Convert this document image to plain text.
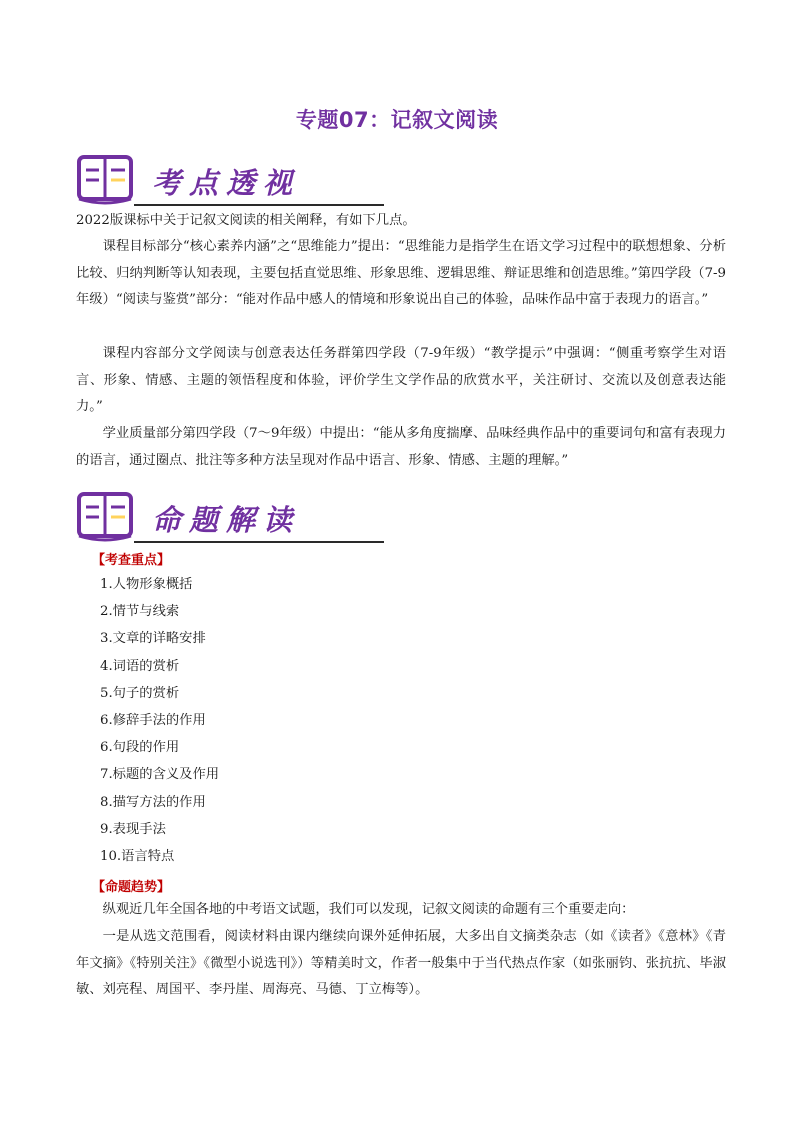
专题07：记叙文阅读
考点透视

2022版课标中关于记叙文阅读的相关阐释，有如下几点。

课程目标部分“核心素养内涵”之“思维能力”提出：“思维能力是指学生在语文学习过程中的联想想象、分析比较、归纳判断等认知表现，主要包括直觉思维、形象思维、逻辑思维、辩证思维和创造思维。”第四学段（7-9年级）“阅读与鉴赏”部分：“能对作品中感人的情境和形象说出自己的体验，品味作品中富于表现力的语言。”

课程内容部分文学阅读与创意表达任务群第四学段（7-9年级）“教学提示”中强调：“侧重考察学生对语言、形象、情感、主题的领悟程度和体验，评价学生文学作品的欣赏水平，关注研讨、交流以及创意表达能力。”

学业质量部分第四学段（7～9年级）中提出：“能从多角度揣摩、品味经典作品中的重要词句和富有表现力的语言，通过圈点、批注等多种方法呈现对作品中语言、形象、情感、主题的理解。”

命题解读
【考查重点】
1.人物形象概括
2.情节与线索
3.文章的详略安排
4.词语的赏析
5.句子的赏析
6.修辞手法的作用
6.句段的作用
7.标题的含义及作用
8.描写方法的作用
9.表现手法
10.语言特点
【命题趋势】

纵观近几年全国各地的中考语文试题，我们可以发现，记叙文阅读的命题有三个重要走向：

一是从选文范围看，阅读材料由课内继续向课外延伸拓展，大多出自文摘类杂志（如《读者》《意林》《青年文摘》《特别关注》《微型小说选刊》）等精美时文，作者一般集中于当代热点作家（如张丽钧、张抗抗、毕淑敏、刘亮程、周国平、李丹崖、周海亮、马德、丁立梅等）。
